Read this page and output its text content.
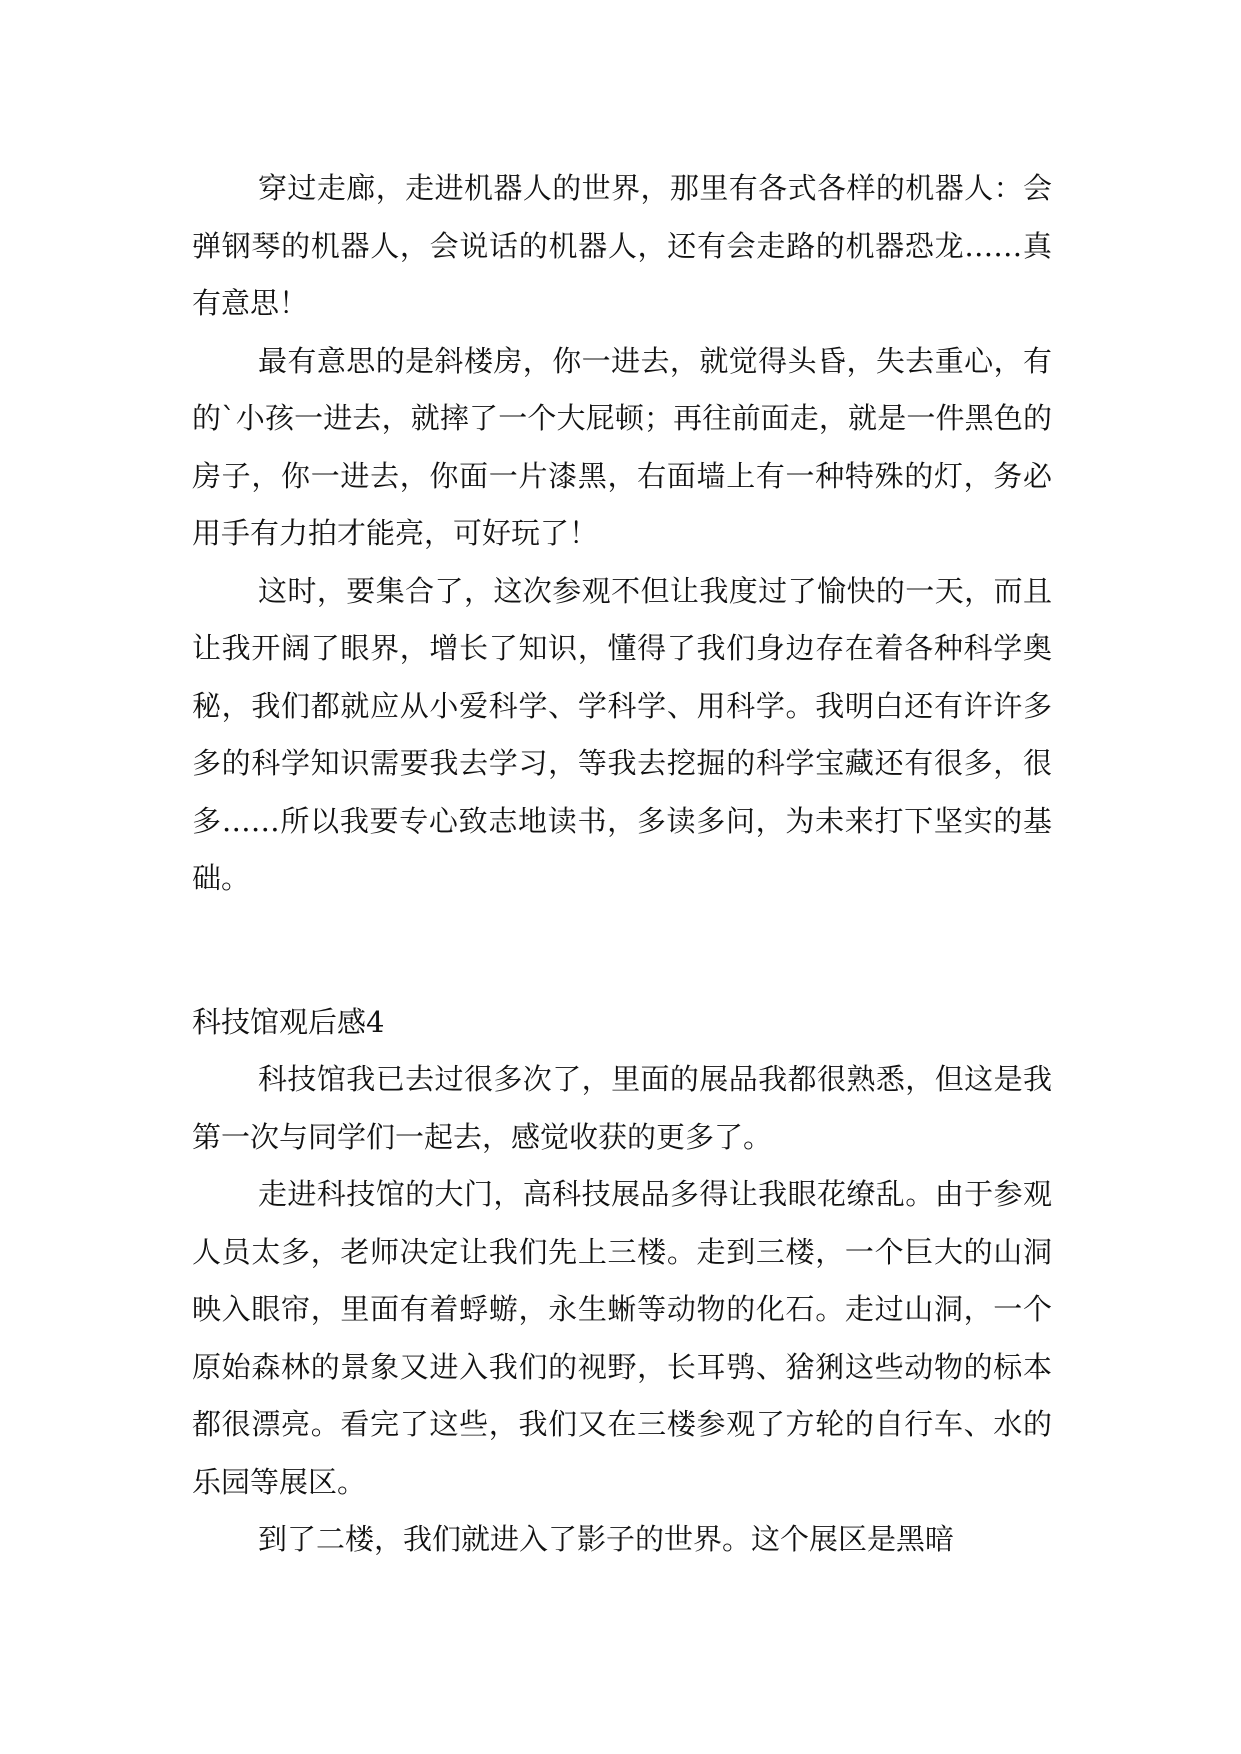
穿过走廊，走进机器人的世界，那里有各式各样的机器人：会弹钢琴的机器人，会说话的机器人，还有会走路的机器恐龙……真有意思！

最有意思的是斜楼房，你一进去，就觉得头昏，失去重心，有的`小孩一进去，就摔了一个大屁顿；再往前面走，就是一件黑色的房子，你一进去，你面一片漆黑，右面墙上有一种特殊的灯，务必用手有力拍才能亮，可好玩了！

这时，要集合了，这次参观不但让我度过了愉快的一天，而且让我开阔了眼界，增长了知识，懂得了我们身边存在着各种科学奥秘，我们都就应从小爱科学、学科学、用科学。我明白还有许许多多的科学知识需要我去学习，等我去挖掘的科学宝藏还有很多，很多……所以我要专心致志地读书，多读多问，为未来打下坚实的基础。

科技馆观后感4

科技馆我已去过很多次了，里面的展品我都很熟悉，但这是我第一次与同学们一起去，感觉收获的更多了。

走进科技馆的大门，高科技展品多得让我眼花缭乱。由于参观人员太多，老师决定让我们先上三楼。走到三楼，一个巨大的山洞映入眼帘，里面有着蜉蝣，永生蜥等动物的化石。走过山洞，一个原始森林的景象又进入我们的视野，长耳鸮、猞猁这些动物的标本都很漂亮。看完了这些，我们又在三楼参观了方轮的自行车、水的乐园等展区。

到了二楼，我们就进入了影子的世界。这个展区是黑暗
